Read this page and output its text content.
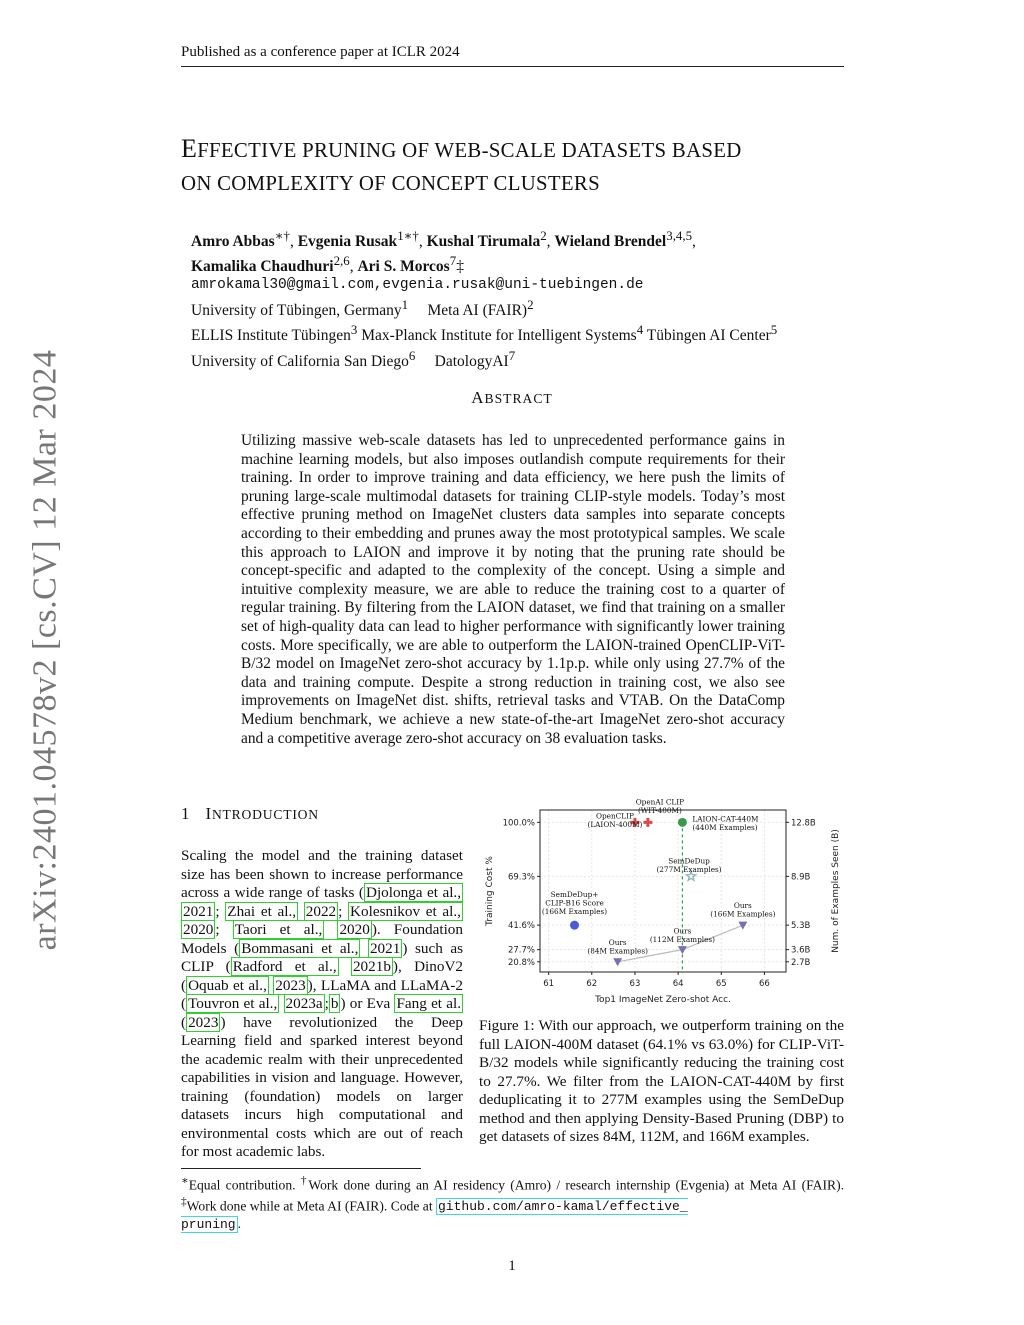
Published as a conference paper at ICLR 2024
arXiv:2401.04578v2 [cs.CV] 12 Mar 2024
EFFECTIVE PRUNING OF WEB-SCALE DATASETS BASED
ON COMPLEXITY OF CONCEPT CLUSTERS
Amro Abbas∗†, Evgenia Rusak$^{1∗\dagger}$, Kushal Tirumala$^2$, Wieland Brendel$^{3,4,5}$,
Kamalika Chaudhuri$^{2,6}$, Ari S. Morcos$^7$‡
amrokamal30@gmail.com,evgenia.rusak@uni-tuebingen.de
University of Tübingen, Germany$^1$ Meta AI (FAIR)$^2$
ELLIS Institute Tübingen$^3$ Max-Planck Institute for Intelligent Systems$^4$ Tübingen AI Center$^5$
University of California San Diego$^6$ DatologyAI$^7$
ABSTRACT
Utilizing massive web-scale datasets has led to unprecedented performance gains in machine learning models, but also imposes outlandish compute requirements for their training. In order to improve training and data efficiency, we here push the limits of pruning large-scale multimodal datasets for training CLIP-style models. Today’s most effective pruning method on ImageNet clusters data samples into separate concepts according to their embedding and prunes away the most prototypical samples. We scale this approach to LAION and improve it by noting that the pruning rate should be concept-specific and adapted to the complexity of the concept. Using a simple and intuitive complexity measure, we are able to reduce the training cost to a quarter of regular training. By filtering from the LAION dataset, we find that training on a smaller set of high-quality data can lead to higher performance with significantly lower training costs. More specifically, we are able to outperform the LAION-trained OpenCLIP-ViT-B/32 model on ImageNet zero-shot accuracy by 1.1p.p. while only using 27.7% of the data and training compute. Despite a strong reduction in training cost, we also see improvements on ImageNet dist. shifts, retrieval tasks and VTAB. On the DataComp Medium benchmark, we achieve a new state-of-the-art ImageNet zero-shot accuracy and a competitive average zero-shot accuracy on 38 evaluation tasks.
1 INTRODUCTION
Scaling the model and the training dataset size has been shown to increase performance across a wide range of tasks ( Djolonga et al., 2021 ; Zhai et al., 2022 ; Kolesnikov et al., 2020 ; Taori et al., 2020 ). Foundation Models ( Bommasani et al., 2021 ) such as CLIP ( Radford et al., 2021b ), DinoV2 ( Oquab et al., 2023 ), LLaMA and LLaMA-2 ( Touvron et al., 2023a ; b ) or Eva Fang et al. ( 2023 ) have revolutionized the Deep Learning field and sparked interest beyond the academic realm with their unprecedented capabilities in vision and language. However, training (foundation) models on larger datasets incurs high computational and environmental costs which are out of reach for most academic labs.
61	62	63	64	65	66
20.8%	2.7B
27.7%	3.6B
41.6%	5.3B
69.3%	8.9B
100.0%	12.8B
Top1 ImageNet Zero-shot Acc.
Training Cost %	Num. of Examples Seen (B)
OpenCLIP
(LAION-400M)
OpenAI CLIP
(WIT-400M)
LAION-CAT-440M
(440M Examples)
SemDeDup
(277M Examples)
SemDeDup+
CLIP-B16 Score
(166M Examples)
Ours
(166M Examples)
Ours
(112M Examples)
Ours
(84M Examples)
Figure 1: With our approach, we outperform training on the full LAION-400M dataset (64.1% vs 63.0%) for CLIP-ViT-B/32 models while significantly reducing the training cost to 27.7%. We filter from the LAION-CAT-440M by first deduplicating it to 277M examples using the SemDeDup method and then applying Density-Based Pruning (DBP) to get datasets of sizes 84M, 112M, and 166M examples.
∗Equal contribution. †Work done during an AI residency (Amro) / research internship (Evgenia) at Meta AI (FAIR). ‡Work done while at Meta AI (FAIR). Code at github.com/amro-kamal/effective_
pruning .
1
